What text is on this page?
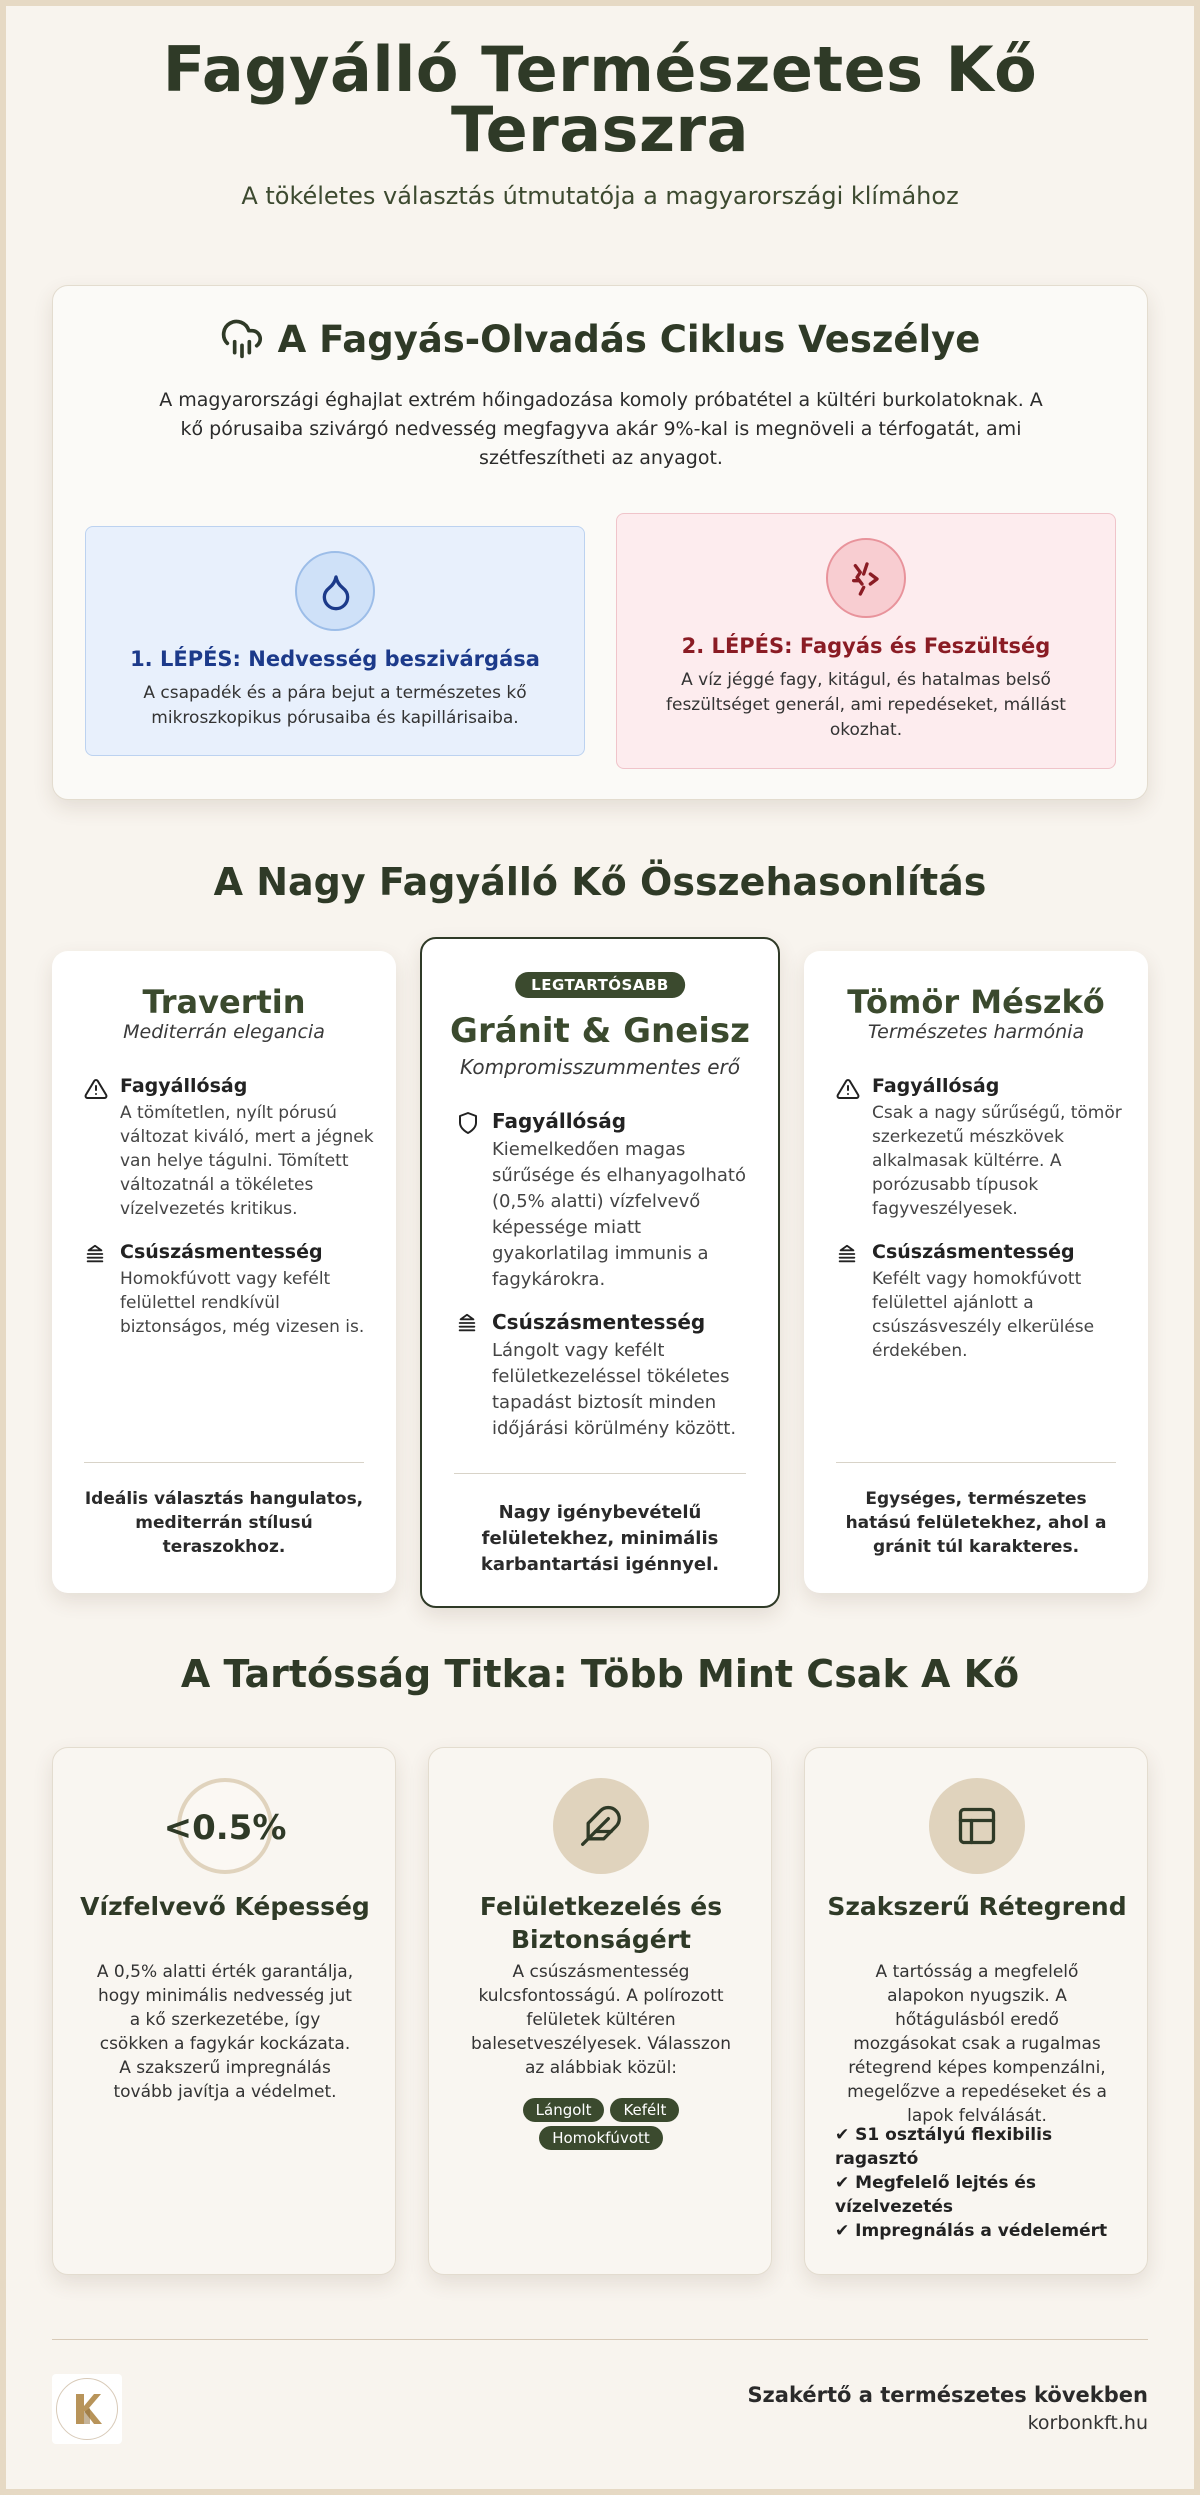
Fagyálló Természetes Kő Teraszra

A tökéletes választás útmutatója a magyarországi klímához

A Fagyás-Olvadás Ciklus Veszélye

A magyarországi éghajlat extrém hőingadozása komoly próbatétel a kültéri burkolatoknak. A kő pórusaiba szivárgó nedvesség megfagyva akár 9%-kal is megnöveli a térfogatát, ami szétfeszítheti az anyagot.

1. LÉPÉS: Nedvesség beszivárgása
A csapadék és a pára bejut a természetes kő mikroszkopikus pórusaiba és kapillárisaiba.
2. LÉPÉS: Fagyás és Feszültség
A víz jéggé fagy, kitágul, és hatalmas belső feszültséget generál, ami repedéseket, mállást okozhat.
A Nagy Fagyálló Kő Összehasonlítás
Travertin
Mediterrán elegancia
Fagyállóság
A tömítetlen, nyílt pórusú változat kiváló, mert a jégnek van helye tágulni. Tömített változatnál a tökéletes vízelvezetés kritikus.
Csúszásmentesség
Homokfúvott vagy kefélt felülettel rendkívül biztonságos, még vizesen is.
Ideális választás hangulatos, mediterrán stílusú teraszokhoz.
LEGTARTÓSABB
Gránit & Gneisz
Kompromisszummentes erő
Fagyállóság
Kiemelkedően magas sűrűsége és elhanyagolható (0,5% alatti) vízfelvevő képessége miatt gyakorlatilag immunis a fagykárokra.
Csúszásmentesség
Lángolt vagy kefélt felületkezeléssel tökéletes tapadást biztosít minden időjárási körülmény között.
Nagy igénybevételű felületekhez, minimális karbantartási igénnyel.
Tömör Mészkő
Természetes harmónia
Fagyállóság
Csak a nagy sűrűségű, tömör szerkezetű mészkövek alkalmasak kültérre. A porózusabb típusok fagyveszélyesek.
Csúszásmentesség
Kefélt vagy homokfúvott felülettel ajánlott a csúszásveszély elkerülése érdekében.
Egységes, természetes hatású felületekhez, ahol a gránit túl karakteres.
A Tartósság Titka: Több Mint Csak A Kő
<0.5%
Vízfelvevő Képesség
A 0,5% alatti érték garantálja, hogy minimális nedvesség jut a kő szerkezetébe, így csökken a fagykár kockázata. A szakszerű impregnálás tovább javítja a védelmet.
Felületkezelés és Biztonságért
A csúszásmentesség kulcsfontosságú. A polírozott felületek kültéren balesetveszélyesek. Válasszon az alábbiak közül:
Lángolt Kefélt
Homokfúvott
Szakszerű Rétegrend
A tartósság a megfelelő alapokon nyugszik. A hőtágulásból eredő mozgásokat csak a rugalmas rétegrend képes kompenzálni, megelőzve a repedéseket és a lapok felválását.
✔ S1 osztályú flexibilis ragasztó
✔ Megfelelő lejtés és vízelvezetés
✔ Impregnálás a védelemért
Szakértő a természetes kövekben
korbonkft.hu
